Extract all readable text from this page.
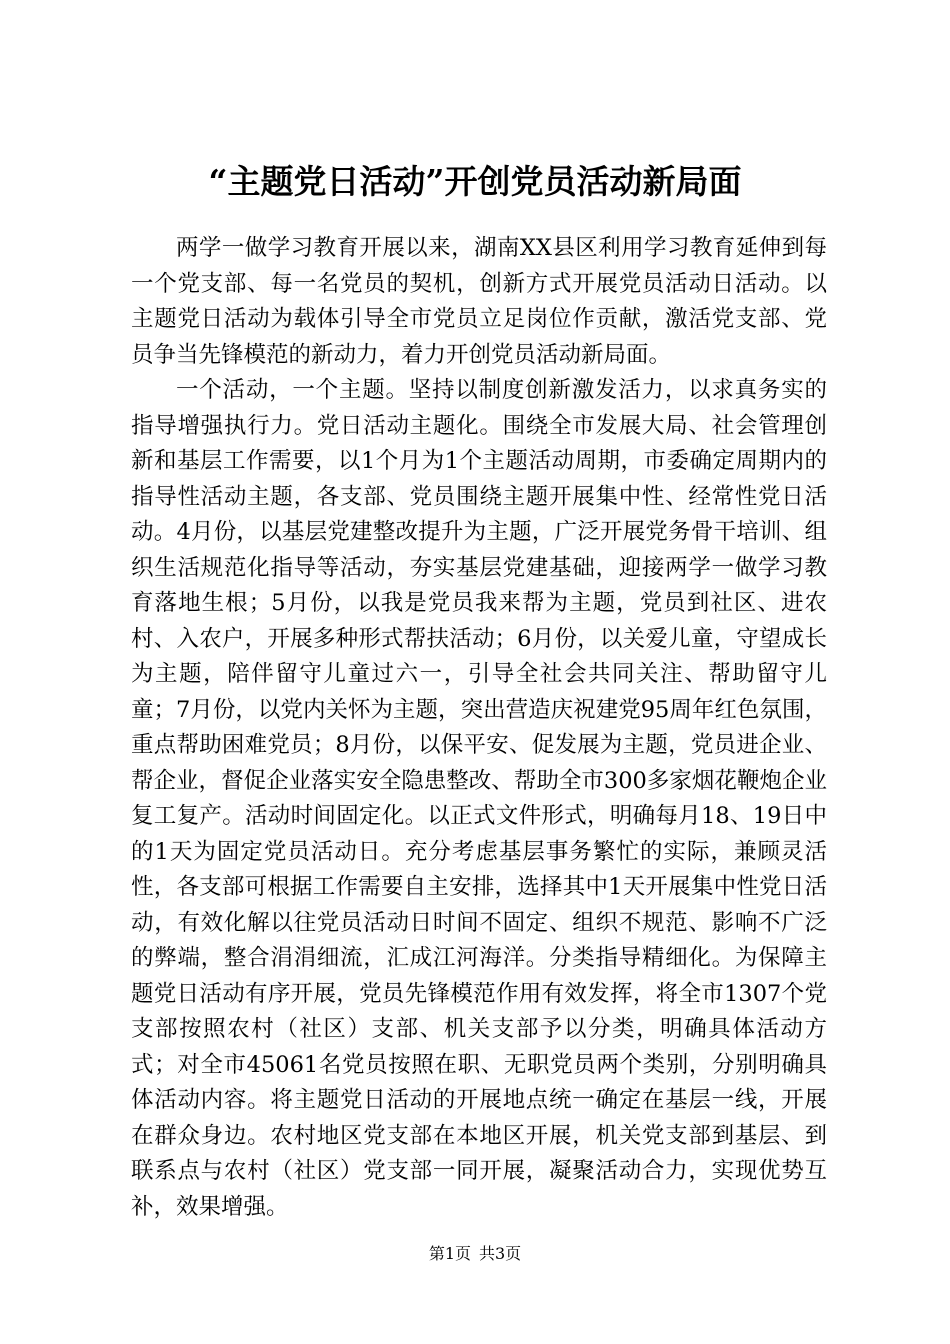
“主题党日活动”开创党员活动新局面

两学一做学习教育开展以来，湖南XX县区利用学习教育延伸到每一个党支部、每一名党员的契机，创新方式开展党员活动日活动。以主题党日活动为载体引导全市党员立足岗位作贡献，激活党支部、党员争当先锋模范的新动力，着力开创党员活动新局面。

一个活动，一个主题。坚持以制度创新激发活力，以求真务实的指导增强执行力。党日活动主题化。围绕全市发展大局、社会管理创新和基层工作需要，以1个月为1个主题活动周期，市委确定周期内的指导性活动主题，各支部、党员围绕主题开展集中性、经常性党日活动。4月份，以基层党建整改提升为主题，广泛开展党务骨干培训、组织生活规范化指导等活动，夯实基层党建基础，迎接两学一做学习教育落地生根；5月份，以我是党员我来帮为主题，党员到社区、进农村、入农户，开展多种形式帮扶活动；6月份，以关爱儿童，守望成长为主题，陪伴留守儿童过六一，引导全社会共同关注、帮助留守儿童；7月份，以党内关怀为主题，突出营造庆祝建党95周年红色氛围，重点帮助困难党员；8月份，以保平安、促发展为主题，党员进企业、帮企业，督促企业落实安全隐患整改、帮助全市300多家烟花鞭炮企业复工复产。活动时间固定化。以正式文件形式，明确每月18、19日中的1天为固定党员活动日。充分考虑基层事务繁忙的实际，兼顾灵活性，各支部可根据工作需要自主安排，选择其中1天开展集中性党日活动，有效化解以往党员活动日时间不固定、组织不规范、影响不广泛的弊端，整合涓涓细流，汇成江河海洋。分类指导精细化。为保障主题党日活动有序开展，党员先锋模范作用有效发挥，将全市1307个党支部按照农村（社区）支部、机关支部予以分类，明确具体活动方式；对全市45061名党员按照在职、无职党员两个类别，分别明确具体活动内容。将主题党日活动的开展地点统一确定在基层一线，开展在群众身边。农村地区党支部在本地区开展，机关党支部到基层、到联系点与农村（社区）党支部一同开展，凝聚活动合力，实现优势互补，效果增强。

第1页 共3页
